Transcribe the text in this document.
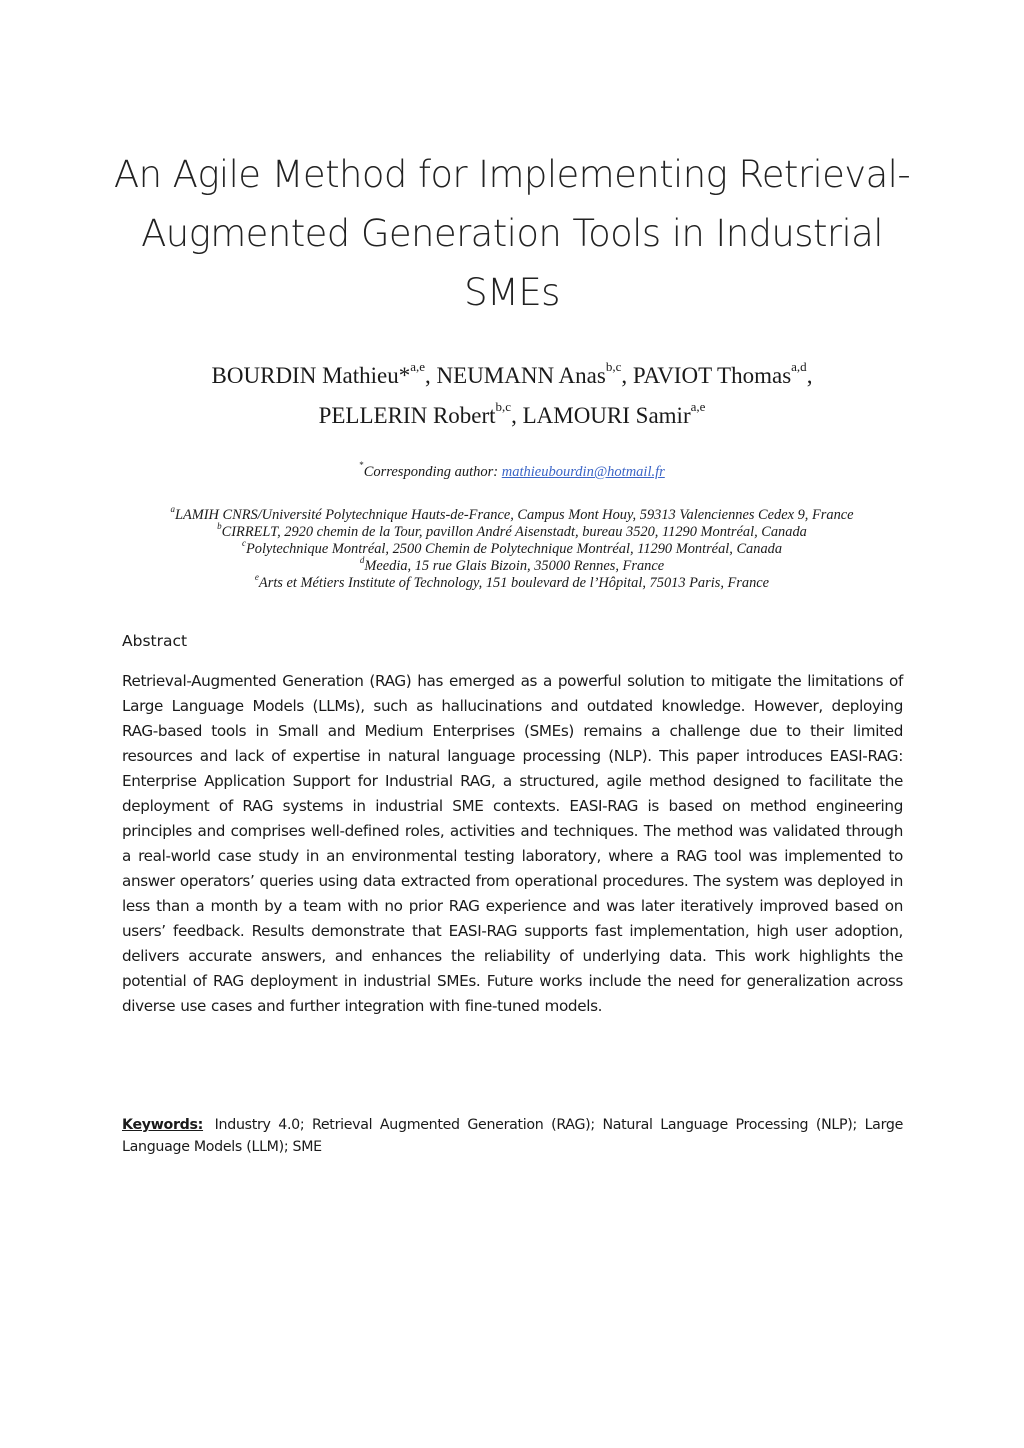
An Agile Method for Implementing Retrieval-
Augmented Generation Tools in Industrial
SMEs
BOURDIN Mathieu*$^{a,e}$, NEUMANN Anas$^{b,c}$, PAVIOT Thomas$^{a,d}$,
PELLERIN Robert$^{b,c}$, LAMOURI Samir$^{a,e}$
*Corresponding author: mathieubourdin@hotmail.fr
$^a$LAMIH CNRS/Université Polytechnique Hauts-de-France, Campus Mont Houy, 59313 Valenciennes Cedex 9, France
$^b$CIRRELT, 2920 chemin de la Tour, pavillon André Aisenstadt, bureau 3520, 11290 Montréal, Canada
$^c$Polytechnique Montréal, 2500 Chemin de Polytechnique Montréal, 11290 Montréal, Canada
$^d$Meedia, 15 rue Glais Bizoin, 35000 Rennes, France
$^e$Arts et Métiers Institute of Technology, 151 boulevard de l’Hôpital, 75013 Paris, France
Abstract

Retrieval-Augmented Generation (RAG) has emerged as a powerful solution to mitigate the limitations of Large Language Models (LLMs), such as hallucinations and outdated knowledge. However, deploying RAG-based tools in Small and Medium Enterprises (SMEs) remains a challenge due to their limited resources and lack of expertise in natural language processing (NLP). This paper introduces EASI-RAG: Enterprise Application Support for Industrial RAG, a structured, agile method designed to facilitate the deployment of RAG systems in industrial SME contexts. EASI-RAG is based on method engineering principles and comprises well-defined roles, activities and techniques. The method was validated through a real-world case study in an environmental testing laboratory, where a RAG tool was implemented to answer operators’ queries using data extracted from operational procedures. The system was deployed in less than a month by a team with no prior RAG experience and was later iteratively improved based on users’ feedback. Results demonstrate that EASI-RAG supports fast implementation, high user adoption, delivers accurate answers, and enhances the reliability of underlying data. This work highlights the potential of RAG deployment in industrial SMEs. Future works include the need for generalization across diverse use cases and further integration with fine-tuned models.

Keywords: Industry 4.0; Retrieval Augmented Generation (RAG); Natural Language Processing (NLP); Large Language Models (LLM); SME
